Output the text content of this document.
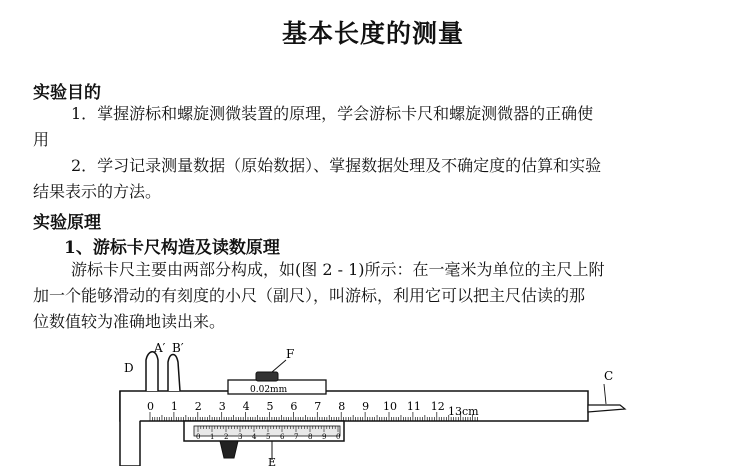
基本长度的测量
实验目的
1．掌握游标和螺旋测微装置的原理，学会游标卡尺和螺旋测微器的正确使
用
2．学习记录测量数据（原始数据）、掌握数据处理及不确定度的估算和实验
结果表示的方法。
实验原理
1、游标卡尺构造及读数原理
游标卡尺主要由两部分构成，如(图 2 - 1)所示：在一毫米为单位的主尺上附
加一个能够滑动的有刻度的小尺（副尺），叫游标，利用它可以把主尺估读的那
位数值较为准确地读出来。
0 1 2 3 4 5 6 7 8 9 0
0 1 2 3 4 5 6 7 8 9 10 11 12
A′ B′
D
F
C
E
0.02mm
13cm
